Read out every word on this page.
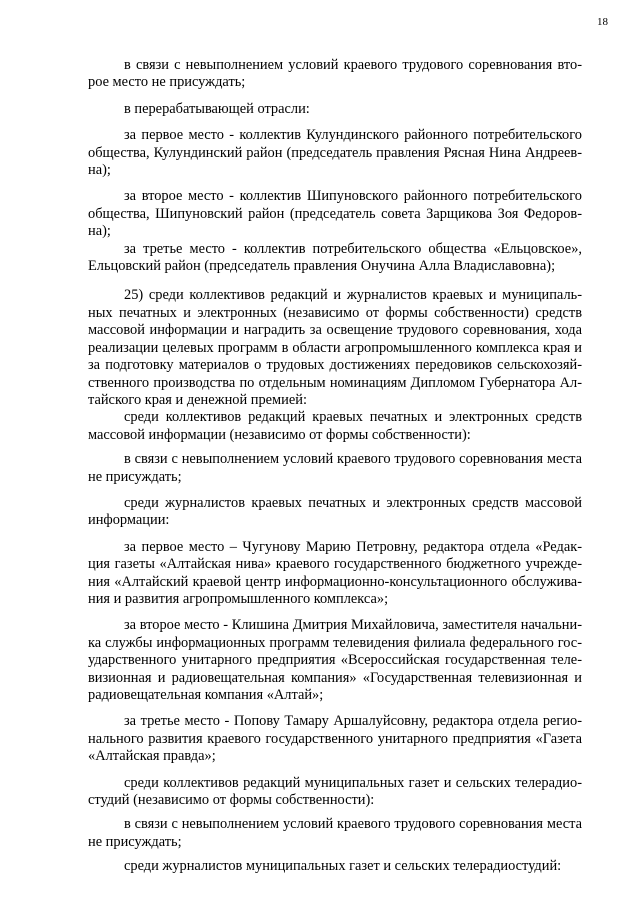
18

в связи с невыполнением условий краевого трудового соревнования второе место не присуждать;

в перерабатывающей отрасли:

за первое место - коллектив Кулундинского районного потребительского общества, Кулундинский район (председатель правления Рясная Нина Андреевна);

за второе место - коллектив Шипуновского районного потребительского общества, Шипуновский район (председатель совета Зарщикова Зоя Федоровна);

за третье место - коллектив потребительского общества «Ельцовское», Ельцовский район (председатель правления Онучина Алла Владиславовна);

25) среди коллективов редакций и журналистов краевых и муниципальных печатных и электронных (независимо от формы собственности) средств массовой информации и наградить за освещение трудового соревнования, хода реализации целевых программ в области агропромышленного комплекса края и за подготовку материалов о трудовых достижениях передовиков сельскохозяйственного производства по отдельным номинациям Дипломом Губернатора Алтайского края и денежной премией:

среди коллективов редакций краевых печатных и электронных средств массовой информации (независимо от формы собственности):

в связи с невыполнением условий краевого трудового соревнования места не присуждать;

среди журналистов краевых печатных и электронных средств массовой информации:

за первое место – Чугунову Марию Петровну, редактора отдела «Редакция газеты «Алтайская нива» краевого государственного бюджетного учреждения «Алтайский краевой центр информационно-консультационного обслуживания и развития агропромышленного комплекса»;

за второе место - Клишина Дмитрия Михайловича, заместителя начальника службы информационных программ телевидения филиала федерального государственного унитарного предприятия «Всероссийская государственная телевизионная и радиовещательная компания» «Государственная телевизионная и радиовещательная компания «Алтай»;

за третье место - Попову Тамару Аршалуйсовну, редактора отдела регионального развития краевого государственного унитарного предприятия «Газета «Алтайская правда»;

среди коллективов редакций муниципальных газет и сельских телерадиостудий (независимо от формы собственности):

в связи с невыполнением условий краевого трудового соревнования места не присуждать;

среди журналистов муниципальных газет и сельских телерадиостудий:
